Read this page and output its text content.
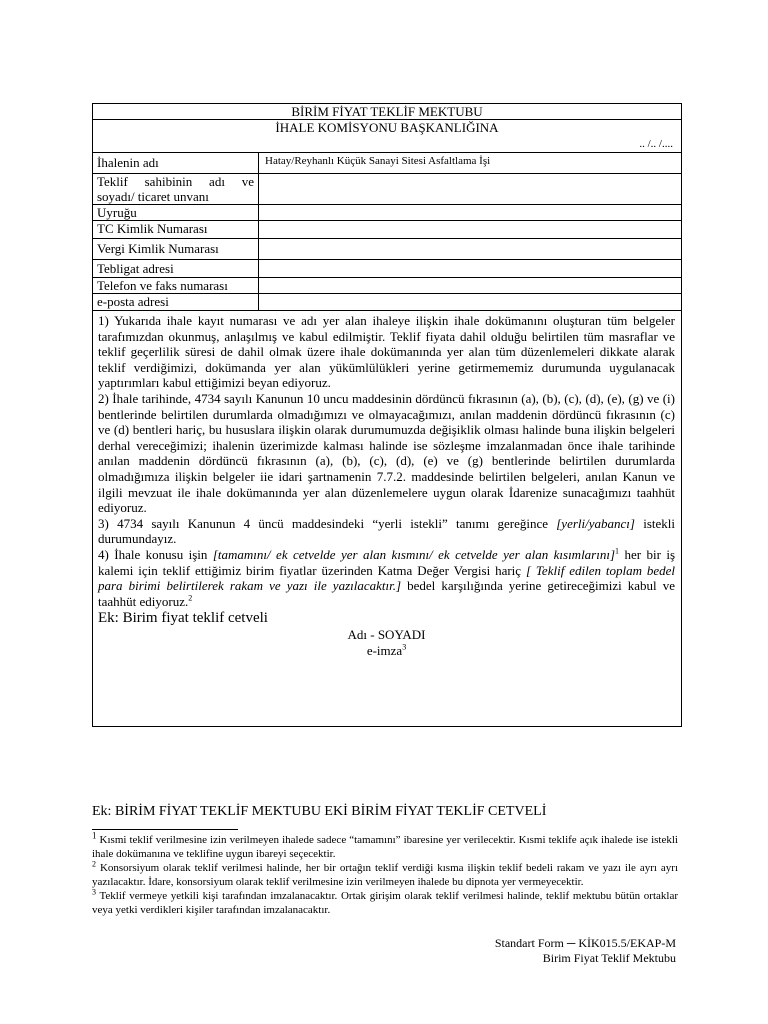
BİRİM FİYAT TEKLİF MEKTUBU
İHALE KOMİSYONU BAŞKANLIĞINA
.. /.. /....
İhalenin adı	Hatay/Reyhanlı Küçük Sanayi Sitesi Asfaltlama İşi
Teklif sahibinin adı ve soyadı/ ticaret unvanı
Uyruğu
TC Kimlik Numarası
Vergi Kimlik Numarası
Tebligat adresi
Telefon ve faks numarası
e-posta adresi

1) Yukarıda ihale kayıt numarası ve adı yer alan ihaleye ilişkin ihale dokümanını oluşturan tüm belgeler tarafımızdan okunmuş, anlaşılmış ve kabul edilmiştir. Teklif fiyata dahil olduğu belirtilen tüm masraflar ve teklif geçerlilik süresi de dahil olmak üzere ihale dokümanında yer alan tüm düzenlemeleri dikkate alarak teklif verdiğimizi, dokümanda yer alan yükümlülükleri yerine getirmememiz durumunda uygulanacak yaptırımları kabul ettiğimizi beyan ediyoruz.

2) İhale tarihinde, 4734 sayılı Kanunun 10 uncu maddesinin dördüncü fıkrasının (a), (b), (c), (d), (e), (g) ve (i) bentlerinde belirtilen durumlarda olmadığımızı ve olmayacağımızı, anılan maddenin dördüncü fıkrasının (c) ve (d) bentleri hariç, bu hususlara ilişkin olarak durumumuzda değişiklik olması halinde buna ilişkin belgeleri derhal vereceğimizi; ihalenin üzerimizde kalması halinde ise sözleşme imzalanmadan önce ihale tarihinde anılan maddenin dördüncü fıkrasının (a), (b), (c), (d), (e) ve (g) bentlerinde belirtilen durumlarda olmadığımıza ilişkin belgeler iie idari şartnamenin 7.7.2. maddesinde belirtilen belgeleri, anılan Kanun ve ilgili mevzuat ile ihale dokümanında yer alan düzenlemelere uygun olarak İdarenize sunacağımızı taahhüt ediyoruz.

3) 4734 sayılı Kanunun 4 üncü maddesindeki “yerli istekli” tanımı gereğince [yerli/yabancı] istekli durumundayız.

4) İhale konusu işin [tamamını/ ek cetvelde yer alan kısmını/ ek cetvelde yer alan kısımlarını]$^1$ her bir iş kalemi için teklif ettiğimiz birim fiyatlar üzerinden Katma Değer Vergisi hariç [ Teklif edilen toplam bedel para birimi belirtilerek rakam ve yazı ile yazılacaktır.] bedel karşılığında yerine getireceğimizi kabul ve taahhüt ediyoruz.$^2$

Ek: Birim fiyat teklif cetveli
Adı - SOYADI
e-imza$^3$
Ek: BİRİM FİYAT TEKLİF MEKTUBU EKİ BİRİM FİYAT TEKLİF CETVELİ

$^1$ Kısmi teklif verilmesine izin verilmeyen ihalede sadece “tamamını” ibaresine yer verilecektir. Kısmi teklife açık ihalede ise istekli ihale dokümanına ve teklifine uygun ibareyi seçecektir.

$^2$ Konsorsiyum olarak teklif verilmesi halinde, her bir ortağın teklif verdiği kısma ilişkin teklif bedeli rakam ve yazı ile ayrı ayrı yazılacaktır. İdare, konsorsiyum olarak teklif verilmesine izin verilmeyen ihalede bu dipnota yer vermeyecektir.

$^3$ Teklif vermeye yetkili kişi tarafından imzalanacaktır. Ortak girişim olarak teklif verilmesi halinde, teklif mektubu bütün ortaklar veya yetki verdikleri kişiler tarafından imzalanacaktır.

Standart Form ─ KİK015.5/EKAP-M
Birim Fiyat Teklif Mektubu
